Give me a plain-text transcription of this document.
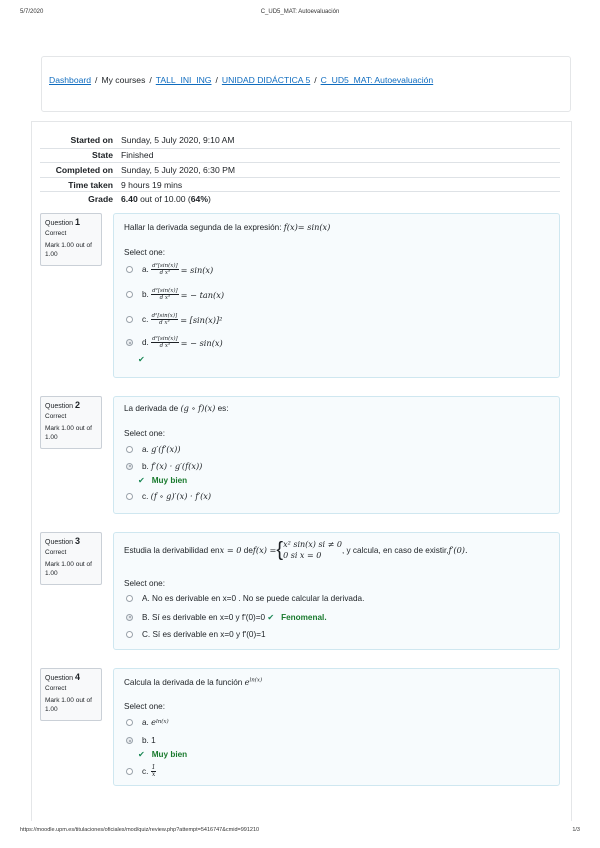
5/7/2020	C_UD5_MAT: Autoevaluación
Dashboard / My courses / TALL_INI_ING / UNIDAD DIDÁCTICA 5 / C_UD5_MAT: Autoevaluación
Started on Sunday, 5 July 2020, 9:10 AM
State Finished
Completed on Sunday, 5 July 2020, 6:30 PM
Time taken 9 hours 19 mins
Grade 6.40 out of 10.00 (64%)
Question 1
Correct
Mark 1.00 out of 1.00
Hallar la derivada segunda de la expresión: f(x)= sin(x)
Select one:
a.
$\frac{\text{d²[sin(x)]}}{\text{d x²}} = \sin(x)$
b.
$\frac{\text{d²[sin(x)]}}{\text{d x²}}$ = − tan(x)
c.
$\frac{\text{d²[sin(x)]}}{\text{d x²}} = [\sin(x)]^2$
d.
$\frac{\text{d²[sin(x)]}}{\text{d x²}}$ = − sin(x)
✔
Question 2
Correct
Mark 1.00 out of 1.00
La derivada de (g ∘ f)(x) es:
Select one:
a.
g′(f′(x))
b.
f′(x) · g′(f(x))
✔
Muy bien
c.
(f ∘ g)′(x) · f′(x)
Question 3
Correct
Mark 1.00 out of 1.00
Estudia la derivabilidad en x = 0
de f(x) = { x² sin(x) si ≠ 0
0 si x = 0
, y calcula, en caso de existir, f′(0).
Select one:
A.
No es derivable en x=0 . No se puede calcular la derivada.
B.
Sí es derivable en x=0 y f'(0)=0
✔
Fenomenal.
C.
Sí es derivable en x=0 y f'(0)=1
Question 4
Correct
Mark 1.00 out of 1.00
Calcula la derivada de la función $e^{ln(x)}$
Select one:
a.
e ln(x)
b.
1
✔
Muy bien
c.
$\frac{1}{x}$
https://moodle.upm.es/titulaciones/oficiales/mod/quiz/review.php?attempt=5416747&cmid=991210	1/3
